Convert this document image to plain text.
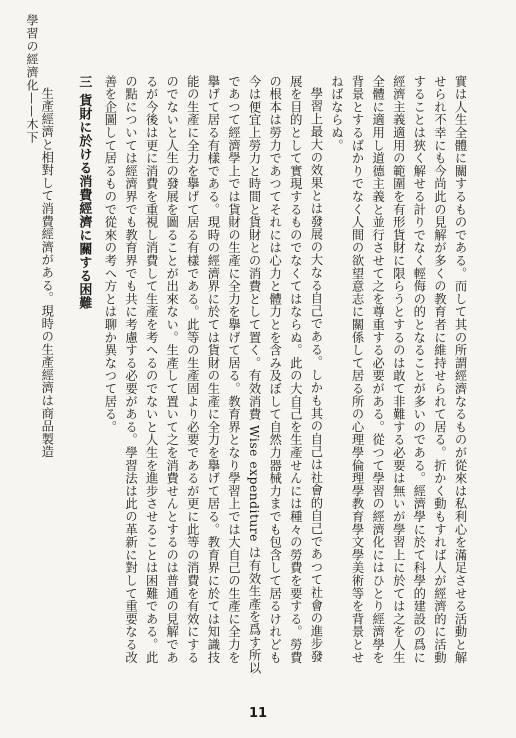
學習の經濟化——木下	實は人生全體に關するものである。而して其の所謂經濟なるものが從來は私利心を滿足させる活動と解せられ不幸にも今尚此の見解が多くの教育者に維持せられて居る。折かく動もすれば人が經濟的に活動することは狹く解せる計りでなく輕侮の的となることが多いのである。經濟學に於て科學的建設の爲に經濟主義適用の範圍を有形貨財に限らうとするのは敢て非難する必要は無いが學習上に於ては之を人生全體に適用し道德主義と並行させて之を尊重する必要がある。從つて學習の經濟化にはひとり經濟學を背景とするばかりでなく人間の欲望意志に關係して居る所の心理學倫理學教育學文學美術等を背景とせねばならぬ。

學習上最大の效果とは發展の大なる自己である。しかも其の自己は社會的自己であつて社會の進步發展を目的として實現するものでなくてはならぬ。此の大自己を生產せんには種々の勞費を要する。勞費の根本は勞力であつてそれには心力と體力とを含み及ぼして自然力器械力までも包含して居るけれども今は便宜上勞力と時間と貨財との消費として置く。有效消費 Wise expenditure は有效生產を爲す所以であつて經濟學上では貨財の生產に全力を擧げて居る。教育界となり學習上では大自己の生產に全力を擧げて居る有樣である。現時の經濟界に於ては貨財の生產に全力を擧げて居る。教育界に於ては知識技能の生產に全力を擧げて居る有樣である。此等の生產固より必要であるが更に此等の消費を有效にするのでないと人生の發展を圖ることが出來ない。生產して置いて之を消費せんとするのは普通の見解であるが今後は更に消費を重視し消費して生產を考へるのでないと人生を進步させることは困難である。此の點については經濟界でも教育界でも共に考慮する必要がある。學習法は此の革新に對して重要なる改善を企圖して居るもので從來の考へ方とは聊か異なつて居る。

三 貨財に於ける消費經濟に關する困難

生產經濟と相對して消費經濟がある。現時の生產經濟は商品製造

11
